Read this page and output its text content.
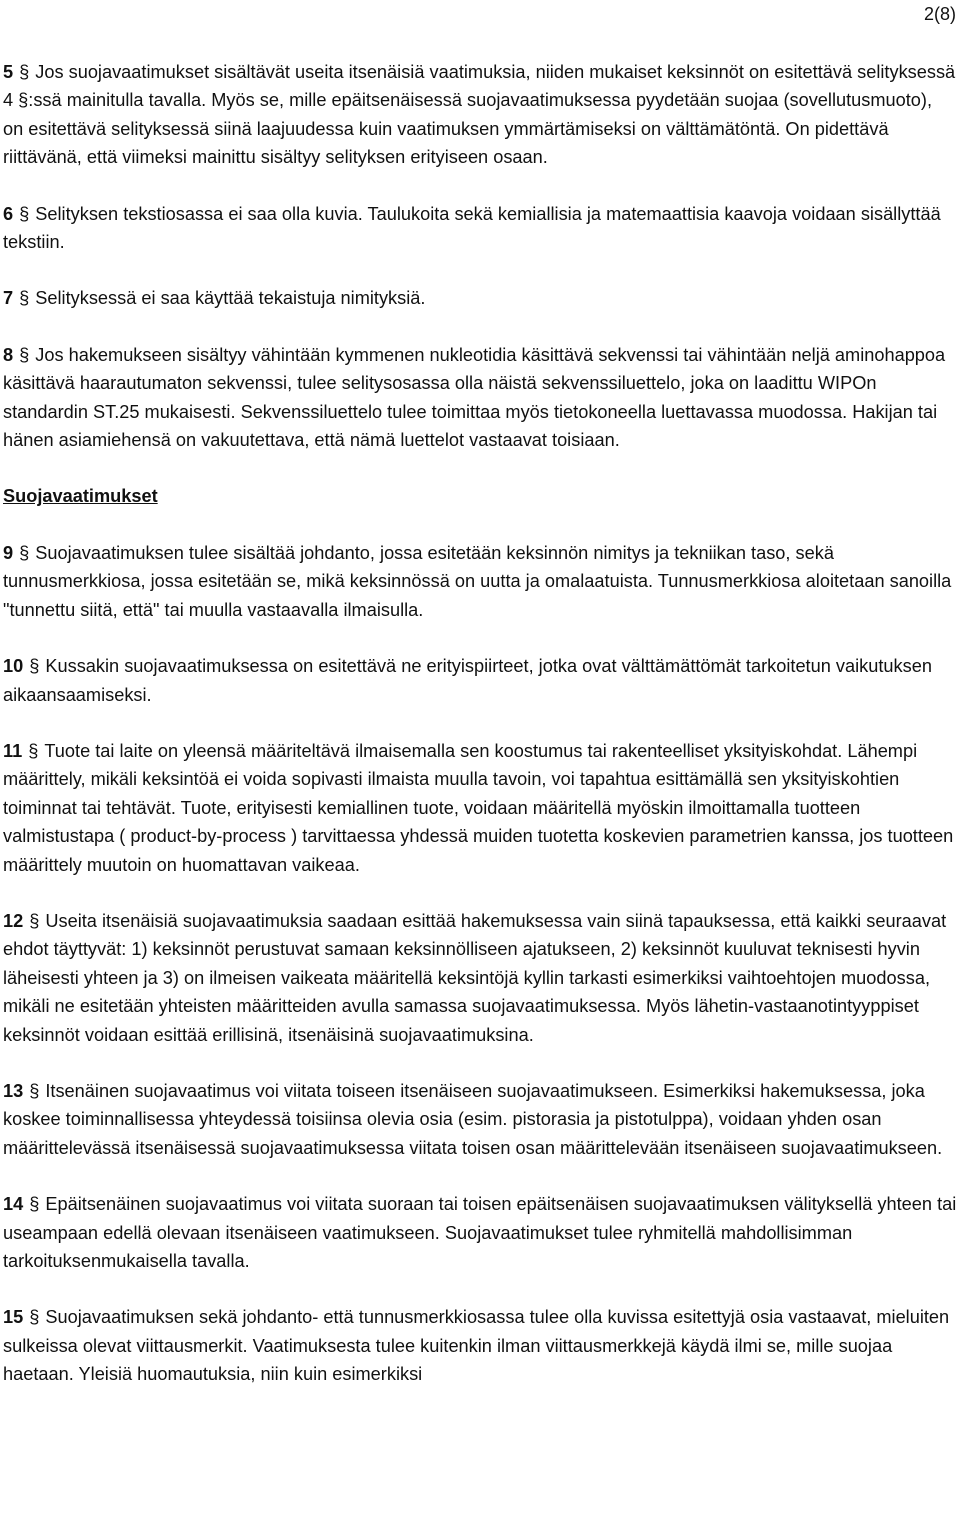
2(8)

5 § Jos suojavaatimukset sisältävät useita itsenäisiä vaatimuksia, niiden mukaiset keksinnöt on esitettävä selityksessä 4 §:ssä mainitulla tavalla. Myös se, mille epäitsenäisessä suojavaatimuksessa pyydetään suojaa (sovellutusmuoto), on esitettävä selityksessä siinä laajuudessa kuin vaatimuksen ymmärtämiseksi on välttämätöntä. On pidettävä riittävänä, että viimeksi mainittu sisältyy selityksen erityiseen osaan.

6 § Selityksen tekstiosassa ei saa olla kuvia. Taulukoita sekä kemiallisia ja matemaattisia kaavoja voidaan sisällyttää tekstiin.

7 § Selityksessä ei saa käyttää tekaistuja nimityksiä.

8 § Jos hakemukseen sisältyy vähintään kymmenen nukleotidia käsittävä sekvenssi tai vähintään neljä aminohappoa käsittävä haarautumaton sekvenssi, tulee selitysosassa olla näistä sekvenssiluettelo, joka on laadittu WIPOn standardin ST.25 mukaisesti. Sekvenssiluettelo tulee toimittaa myös tietokoneella luettavassa muodossa. Hakijan tai hänen asiamiehensä on vakuutettava, että nämä luettelot vastaavat toisiaan.

Suojavaatimukset

9 § Suojavaatimuksen tulee sisältää johdanto, jossa esitetään keksinnön nimitys ja tekniikan taso, sekä tunnusmerkkiosa, jossa esitetään se, mikä keksinnössä on uutta ja omalaatuista. Tunnusmerkkiosa aloitetaan sanoilla "tunnettu siitä, että" tai muulla vastaavalla ilmaisulla.

10 § Kussakin suojavaatimuksessa on esitettävä ne erityispiirteet, jotka ovat välttämättömät tarkoitetun vaikutuksen aikaansaamiseksi.

11 § Tuote tai laite on yleensä määriteltävä ilmaisemalla sen koostumus tai rakenteelliset yksityiskohdat. Lähempi määrittely, mikäli keksintöä ei voida sopivasti ilmaista muulla tavoin, voi tapahtua esittämällä sen yksityiskohtien toiminnat tai tehtävät. Tuote, erityisesti kemiallinen tuote, voidaan määritellä myöskin ilmoittamalla tuotteen valmistustapa ( product-by-process ) tarvittaessa yhdessä muiden tuotetta koskevien parametrien kanssa, jos tuotteen määrittely muutoin on huomattavan vaikeaa.

12 § Useita itsenäisiä suojavaatimuksia saadaan esittää hakemuksessa vain siinä tapauksessa, että kaikki seuraavat ehdot täyttyvät: 1) keksinnöt perustuvat samaan keksinnölliseen ajatukseen, 2) keksinnöt kuuluvat teknisesti hyvin läheisesti yhteen ja 3) on ilmeisen vaikeata määritellä keksintöjä kyllin tarkasti esimerkiksi vaihtoehtojen muodossa, mikäli ne esitetään yhteisten määritteiden avulla samassa suojavaatimuksessa. Myös lähetin-vastaanotintyyppiset keksinnöt voidaan esittää erillisinä, itsenäisinä suojavaatimuksina.

13 § Itsenäinen suojavaatimus voi viitata toiseen itsenäiseen suojavaatimukseen. Esimerkiksi hakemuksessa, joka koskee toiminnallisessa yhteydessä toisiinsa olevia osia (esim. pistorasia ja pistotulppa), voidaan yhden osan määrittelevässä itsenäisessä suojavaatimuksessa viitata toisen osan määrittelevään itsenäiseen suojavaatimukseen.

14 § Epäitsenäinen suojavaatimus voi viitata suoraan tai toisen epäitsenäisen suojavaatimuksen välityksellä yhteen tai useampaan edellä olevaan itsenäiseen vaatimukseen. Suojavaatimukset tulee ryhmitellä mahdollisimman tarkoituksenmukaisella tavalla.

15 § Suojavaatimuksen sekä johdanto- että tunnusmerkkiosassa tulee olla kuvissa esitettyjä osia vastaavat, mieluiten sulkeissa olevat viittausmerkit. Vaatimuksesta tulee kuitenkin ilman viittausmerkkejä käydä ilmi se, mille suojaa haetaan. Yleisiä huomautuksia, niin kuin esimerkiksi
